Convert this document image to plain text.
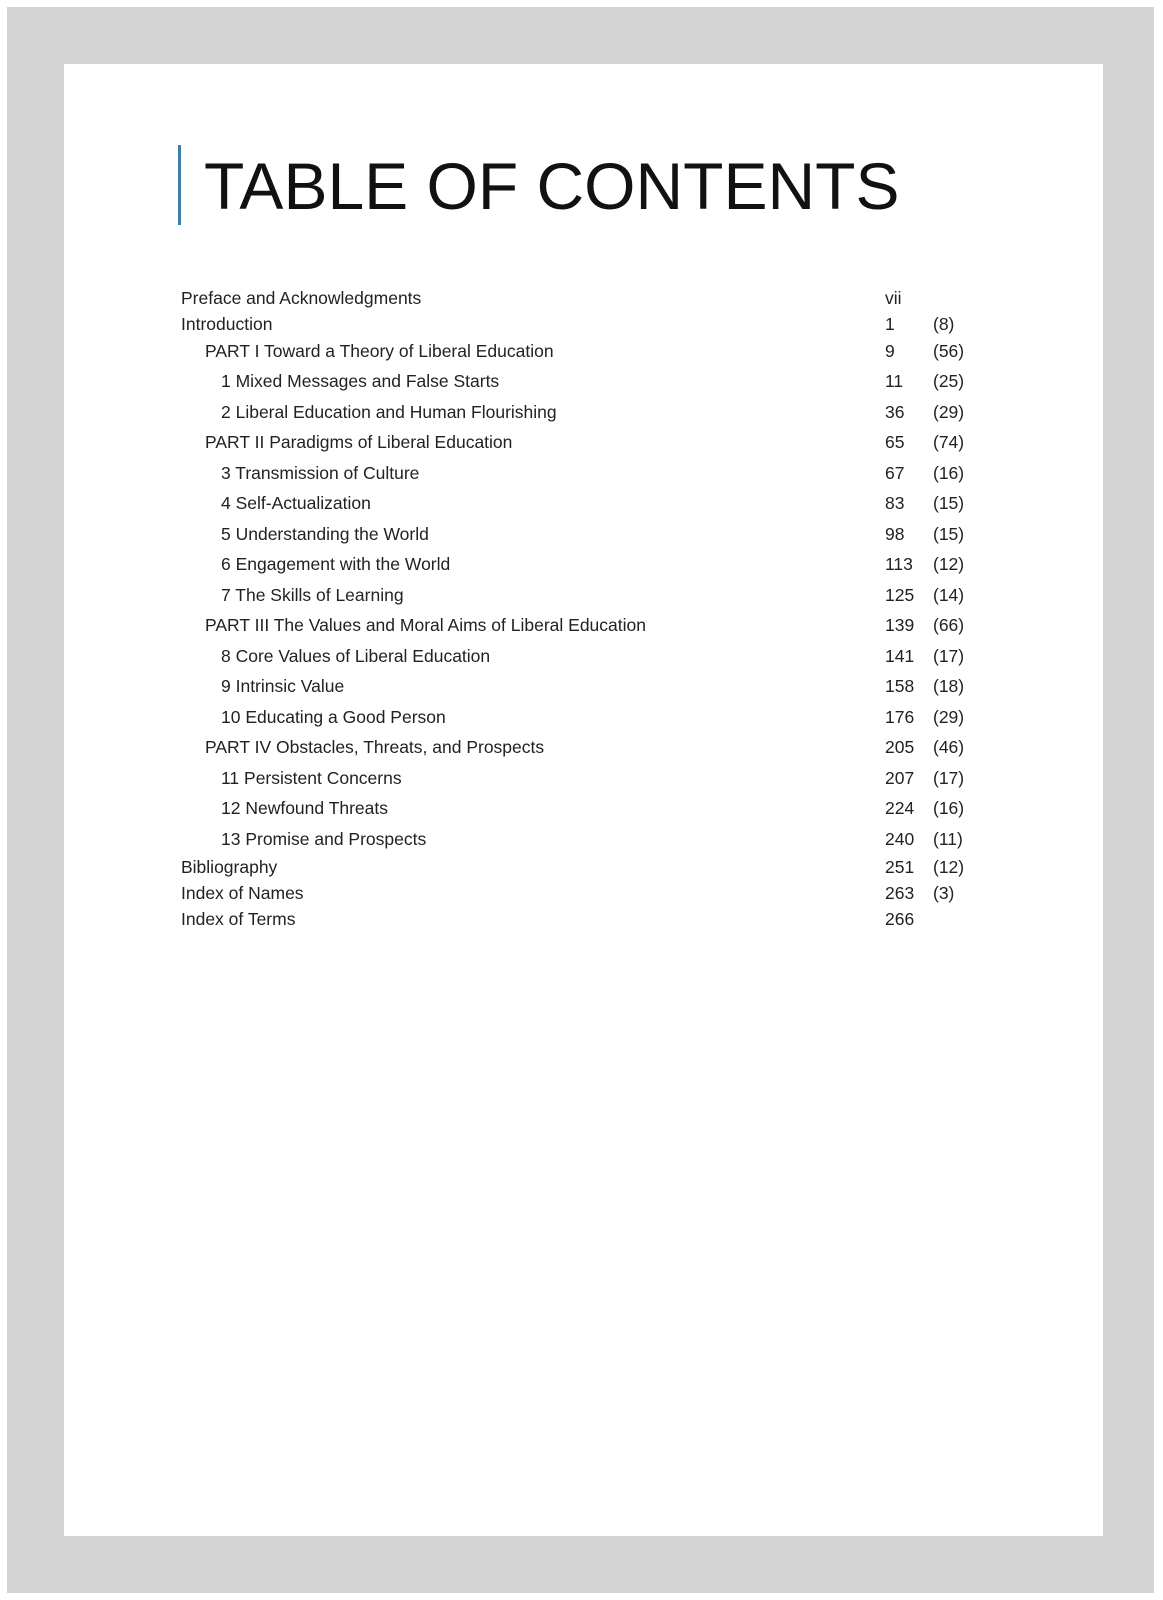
TABLE OF CONTENTS
Preface and Acknowledgments	vii
Introduction	1 (8)
PART I Toward a Theory of Liberal Education	9 (56)
1 Mixed Messages and False Starts	11 (25)
2 Liberal Education and Human Flourishing	36 (29)
PART II Paradigms of Liberal Education	65 (74)
3 Transmission of Culture	67 (16)
4 Self-Actualization	83 (15)
5 Understanding the World	98 (15)
6 Engagement with the World	113 (12)
7 The Skills of Learning	125 (14)
PART III The Values and Moral Aims of Liberal Education	139 (66)
8 Core Values of Liberal Education	141 (17)
9 Intrinsic Value	158 (18)
10 Educating a Good Person	176 (29)
PART IV Obstacles, Threats, and Prospects	205 (46)
11 Persistent Concerns	207 (17)
12 Newfound Threats	224 (16)
13 Promise and Prospects	240 (11)
Bibliography	251 (12)
Index of Names	263 (3)
Index of Terms	266
